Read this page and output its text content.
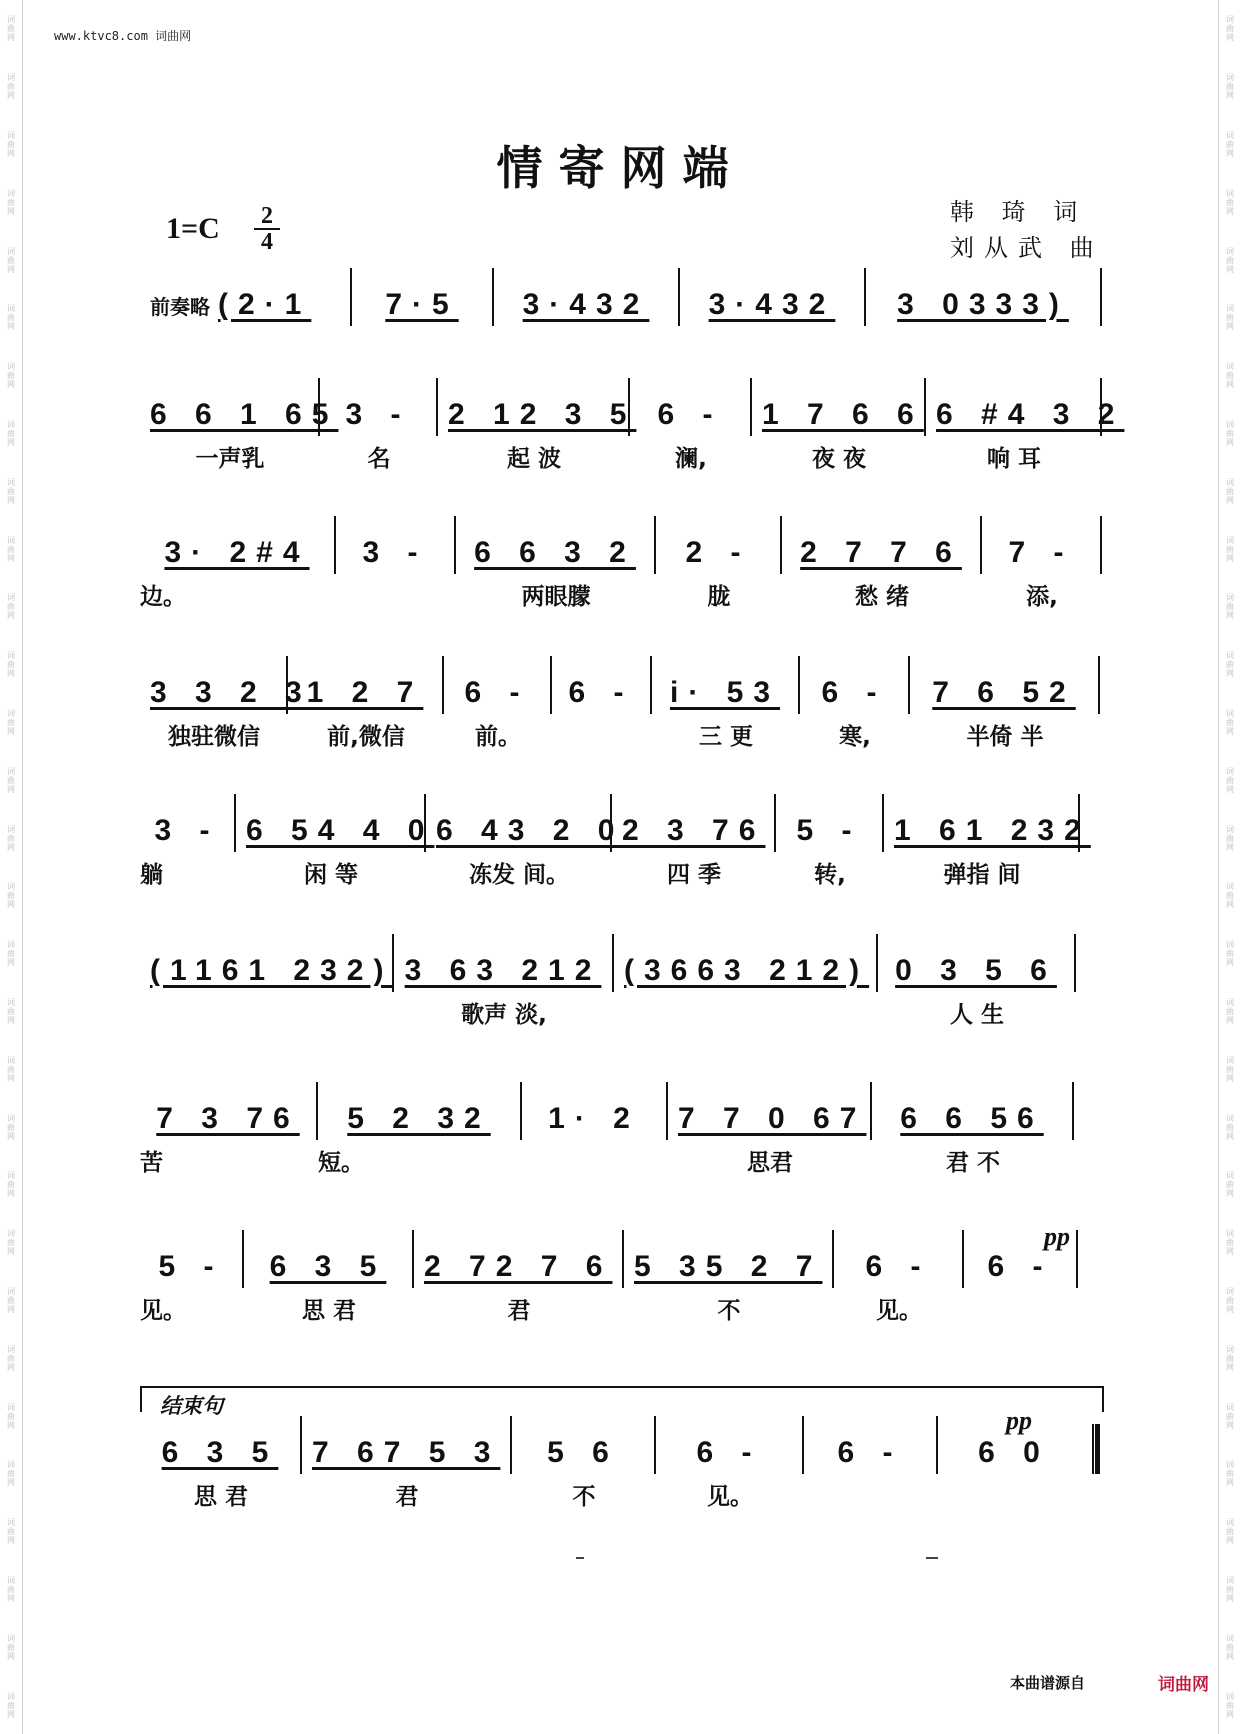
词曲网
词曲网
词曲网
词曲网
词曲网
词曲网
词曲网
词曲网
词曲网
词曲网
词曲网
词曲网
词曲网
词曲网
词曲网
词曲网
词曲网
词曲网
词曲网
词曲网
词曲网
词曲网
词曲网
词曲网
词曲网
词曲网
词曲网
词曲网
词曲网
词曲网
词曲网
词曲网
词曲网
词曲网
词曲网
词曲网
词曲网
词曲网
词曲网
词曲网
词曲网
词曲网
词曲网
词曲网
词曲网
词曲网
词曲网
词曲网
词曲网
词曲网
词曲网
词曲网
词曲网
词曲网
词曲网
词曲网
词曲网
词曲网
词曲网
词曲网
www.ktvc8.com 词曲网
情寄网端
1=C 2
4
韩 琦 词
刘从武 曲
前奏略 (2·1 7·5 3·432 3·432 3 0333)
6 6 1 65 3 - 2 12 3 5 6 - 1 7 6 6 6 #4 3 2
一声乳	名	起 波	澜,	夜 夜	响 耳
3· 2#4 3 - 6 6 3 2 2 - 2 7 7 6 7 -
边。	两眼朦	胧	愁 绪	添,
3 3 2 3
1 2 7 6 - 6 - i· 53 6 - 7 6 52
独驻微信	前,微信	前。	三 更	寒,	半倚 半
3 - 6 54 4 0 6 43 2 0
2 3 76 5 - 1 61 232
躺	闲 等	冻发 间。	四 季	转,	弹指 间
(1161 232) 3 63 212 (3663 212) 0 3 5 6
歌声 淡,	人 生
7 3 76 5 2 32 1· 2 7 7 0 67 6 6 56
苦	短。	思君	君 不
5 - 6 3 5 2 72 7 6 5 35 2 7 6 - 6 -
见。	思 君	君	不	见。
pp
结束句
6 3 5 7 67 5 3 5 6	6 -	6 -	6 0
思 君	君	不	见。
pp
本曲谱源自	词曲网
